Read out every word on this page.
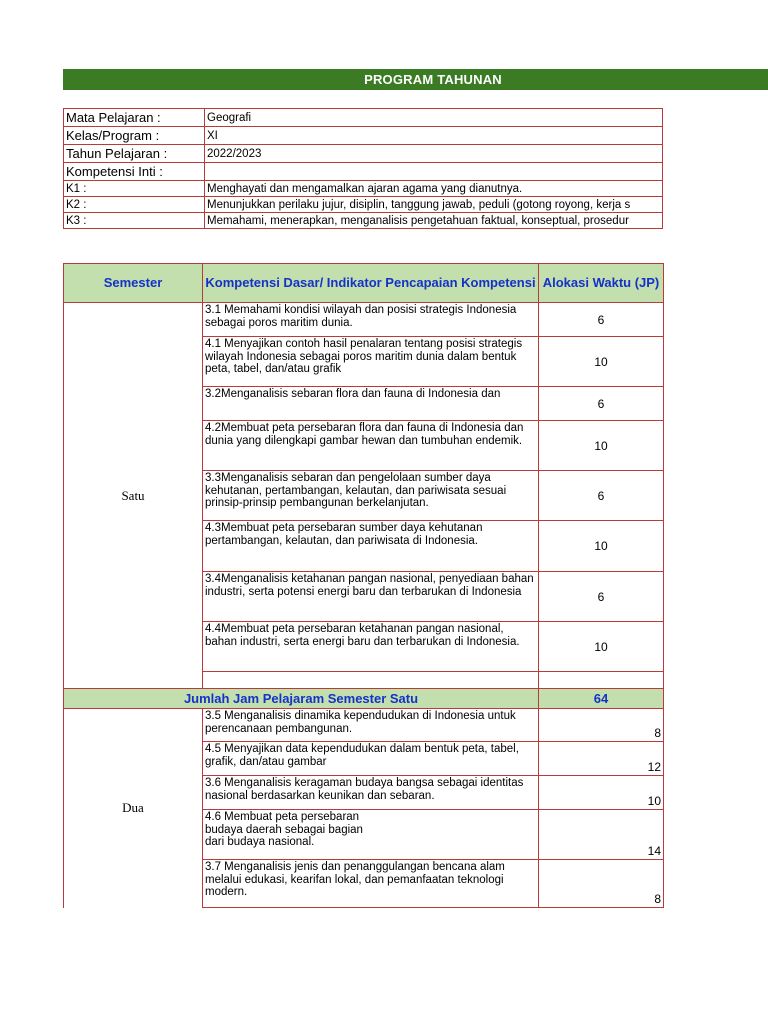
PROGRAM TAHUNAN
Mata Pelajaran :	Geografi
Kelas/Program :	XI
Tahun Pelajaran :	2022/2023
Kompetensi Inti :	
K1 :	Menghayati dan mengamalkan ajaran agama yang dianutnya.
K2 :	Menunjukkan perilaku jujur, disiplin, tanggung jawab, peduli (gotong royong, kerja s
K3 :	Memahami, menerapkan, menganalisis pengetahuan faktual, konseptual, prosedur
Semester	Kompetensi Dasar/ Indikator Pencapaian Kompetensi	Alokasi Waktu (JP)
Satu	3.1 Memahami kondisi wilayah dan posisi strategis Indonesia sebagai poros maritim dunia.	6
	4.1 Menyajikan contoh hasil penalaran tentang posisi strategis wilayah Indonesia sebagai poros maritim dunia dalam bentuk peta, tabel, dan/atau grafik	10
	3.2Menganalisis sebaran flora dan fauna di Indonesia dan	6
	4.2Membuat peta persebaran flora dan fauna di Indonesia dan dunia yang dilengkapi gambar hewan dan tumbuhan endemik.	10
	3.3Menganalisis sebaran dan pengelolaan sumber daya kehutanan, pertambangan, kelautan, dan pariwisata sesuai prinsip-prinsip pembangunan berkelanjutan.	6
	4.3Membuat peta persebaran sumber daya kehutanan pertambangan, kelautan, dan pariwisata di Indonesia.	10
	3.4Menganalisis ketahanan pangan nasional, penyediaan bahan industri, serta potensi energi baru dan terbarukan di Indonesia	6
	4.4Membuat peta persebaran ketahanan pangan nasional, bahan industri, serta energi baru dan terbarukan di Indonesia.	10

Jumlah Jam Pelajaram Semester Satu		64
Dua	3.5 Menganalisis dinamika kependudukan di Indonesia untuk perencanaan pembangunan.	8
	4.5 Menyajikan data kependudukan dalam bentuk peta, tabel, grafik, dan/atau gambar	12
	3.6 Menganalisis keragaman budaya bangsa sebagai identitas nasional berdasarkan keunikan dan sebaran.	10
	4.6 Membuat peta persebaran
budaya daerah sebagai bagian
dari budaya nasional.	14
	3.7 Menganalisis jenis dan penanggulangan bencana alam melalui edukasi, kearifan lokal, dan pemanfaatan teknologi modern.	8
